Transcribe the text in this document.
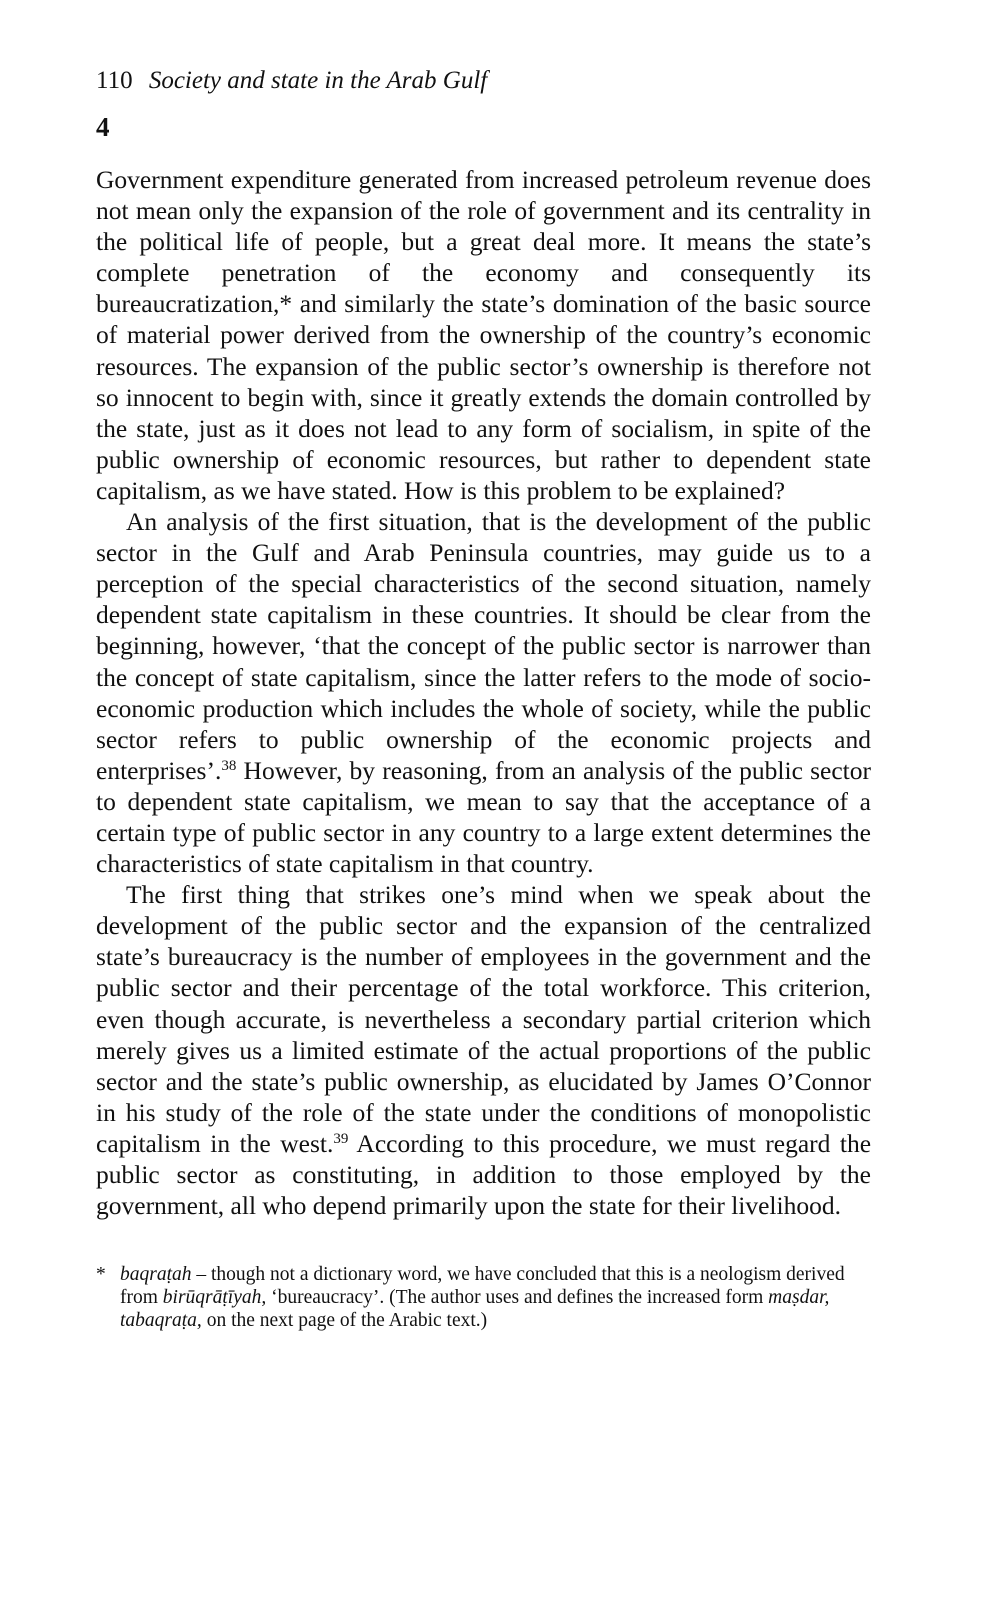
110 Society and state in the Arab Gulf
4

Government expenditure generated from increased petroleum revenue does not mean only the expansion of the role of government and its centrality in the political life of people, but a great deal more. It means the state’s complete penetration of the economy and consequently its bureaucratization,* and similarly the state’s domination of the basic source of material power derived from the ownership of the country’s economic resources. The expansion of the public sector’s ownership is therefore not so innocent to begin with, since it greatly extends the domain controlled by the state, just as it does not lead to any form of socialism, in spite of the public ownership of economic resources, but rather to dependent state capitalism, as we have stated. How is this problem to be explained?

An analysis of the first situation, that is the development of the public sector in the Gulf and Arab Peninsula countries, may guide us to a perception of the special characteristics of the second situation, namely dependent state capitalism in these countries. It should be clear from the beginning, however, ‘that the concept of the public sector is narrower than the concept of state capitalism, since the latter refers to the mode of socio-economic production which includes the whole of society, while the public sector refers to public ownership of the economic projects and enterprises’.$^{38}$ However, by reasoning, from an analysis of the public sector to dependent state capitalism, we mean to say that the acceptance of a certain type of public sector in any country to a large extent determines the characteristics of state capitalism in that country.

The first thing that strikes one’s mind when we speak about the development of the public sector and the expansion of the centralized state’s bureaucracy is the number of employees in the government and the public sector and their percentage of the total workforce. This criterion, even though accurate, is nevertheless a secondary partial criterion which merely gives us a limited estimate of the actual proportions of the public sector and the state’s public ownership, as elucidated by James O’Connor in his study of the role of the state under the conditions of monopolistic capitalism in the west.$^{39}$ According to this procedure, we must regard the public sector as constituting, in addition to those employed by the government, all who depend primarily upon the state for their livelihood.

* baqraṭah – though not a dictionary word, we have concluded that this is a neologism derived from birūqrāṭīyah, ‘bureaucracy’. (The author uses and defines the increased form maṣdar, tabaqraṭa, on the next page of the Arabic text.)
